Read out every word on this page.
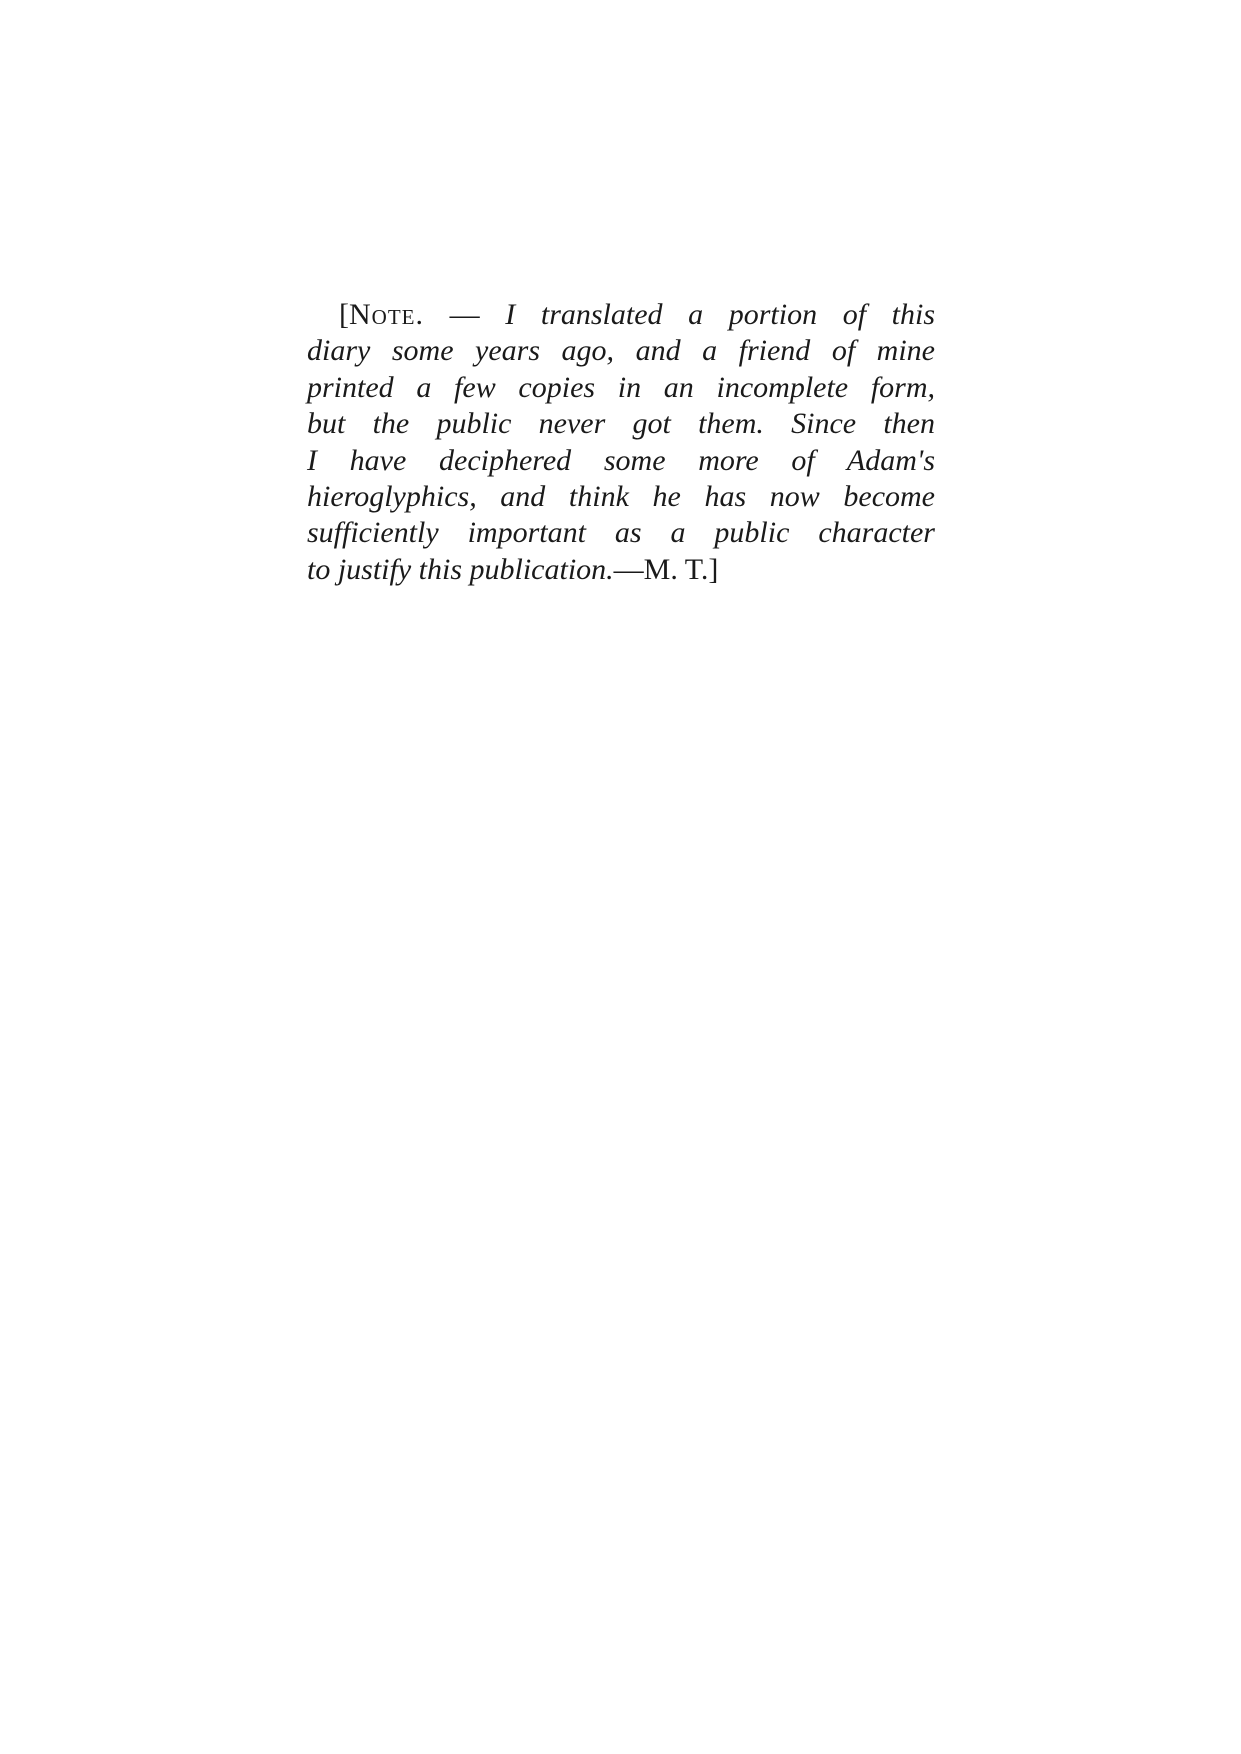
[Note. — I translated a portion of this
diary some years ago, and a friend of mine
printed a few copies in an incomplete form,
but the public never got them. Since then
I have deciphered some more of Adam's
hieroglyphics, and think he has now become
sufficiently important as a public character
to justify this publication.—M. T.]
